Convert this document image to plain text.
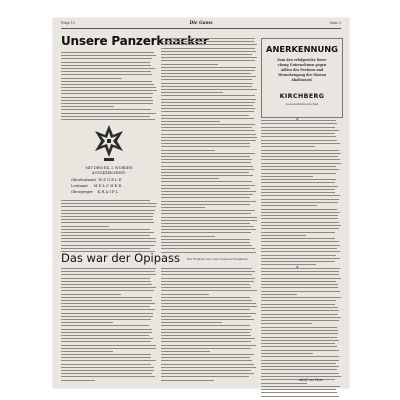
Folge 10	Die Gams	Seite 5
Unsere Panzerknacker
MIT DEM EK. I. WURDEN
AUSGEZEICHNET:
Oberleutnant W E G E L E
Leutnant M E L C H E R
Obergreger K R A I P L
ANERKENNUNG
Zum den erfolgreiche Bren-
cheng Unternehmen gegen
Aditva des Feuhosu und
Menschengang der Sbavan
Abalionsen!
KIRCHBERG
Generalfeldmarschall
Das war der Opipass Ein Erlebnis aus den Gemsen-Einsätzen
✽
✽
Adolf ran Hess
